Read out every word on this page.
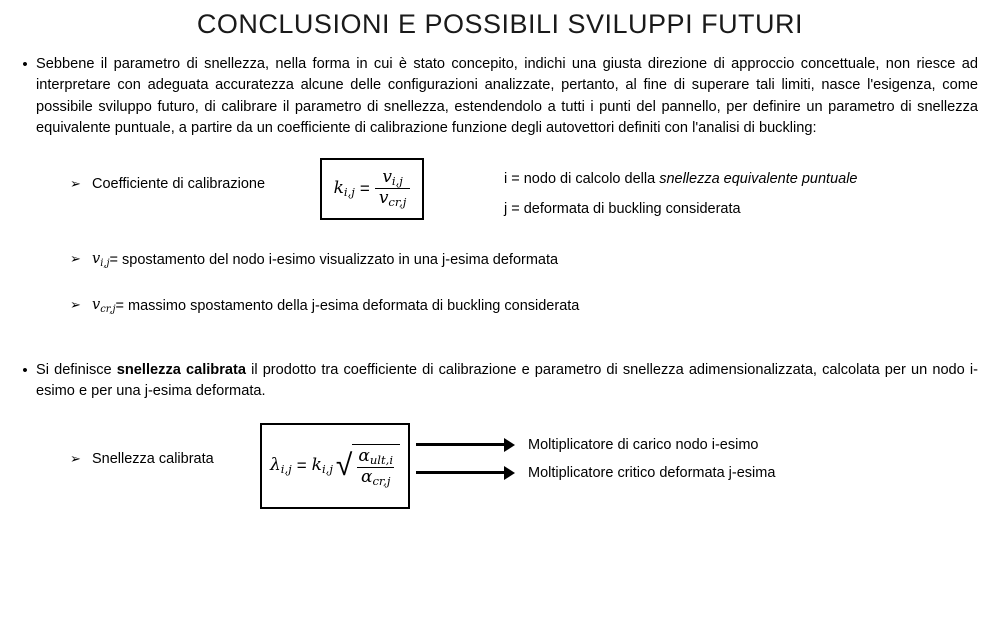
CONCLUSIONI E POSSIBILI SVILUPPI FUTURI
• Sebbene il parametro di snellezza, nella forma in cui è stato concepito, indichi una giusta direzione di approccio concettuale, non riesce ad interpretare con adeguata accuratezza alcune delle configurazioni analizzate, pertanto, al fine di superare tali limiti, nasce l'esigenza, come possibile sviluppo futuro, di calibrare il parametro di snellezza, estendendolo a tutti i punti del pannello, per definire un parametro di snellezza equivalente puntuale, a partire da un coefficiente di calibrazione funzione degli autovettori definiti con l'analisi di buckling:
➢ Coefficiente di calibrazione	$k_{i,j} = \frac{v_{i,j}}{v_{cr,j}}$	i = nodo di calcolo della snellezza equivalente puntuale
j = deformata di buckling considerata
➢ $v_{i,j}$ = spostamento del nodo i-esimo visualizzato in una j-esima deformata
➢ $v_{cr,j}$ = massimo spostamento della j-esima deformata di buckling considerata
• Si definisce snellezza calibrata il prodotto tra coefficiente di calibrazione e parametro di snellezza adimensionalizzata, calcolata per un nodo i-esimo e per una j-esima deformata.
➢ Snellezza calibrata	$\lambda_{i,j} = k_{i,j}$ √ $\frac{\alpha_{ult,i}}{\alpha_{cr,j}}$
Moltiplicatore di carico nodo i-esimo
Moltiplicatore critico deformata j-esima
